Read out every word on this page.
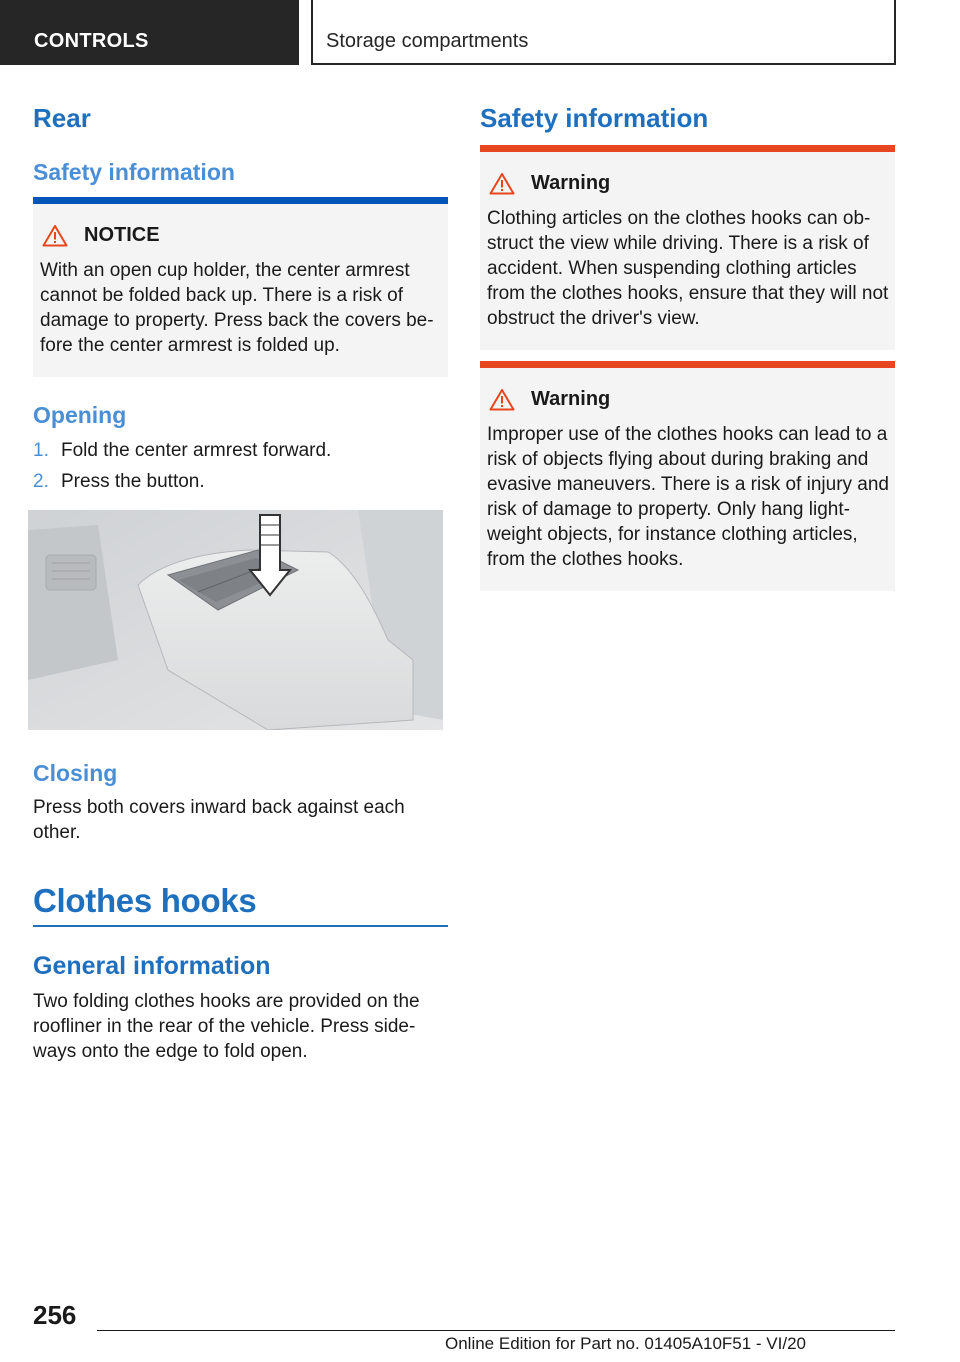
CONTROLS	Storage compartments
Rear
Safety information
NOTICE
With an open cup holder, the center armrest cannot be folded back up. There is a risk of damage to property. Press back the covers be-fore the center armrest is folded up.
Opening
1. Fold the center armrest forward.
2. Press the button.
Closing
Press both covers inward back against each other.
Clothes hooks
General information
Two folding clothes hooks are provided on the roofliner in the rear of the vehicle. Press side-ways onto the edge to fold open.
Safety information
Warning
Clothing articles on the clothes hooks can ob-struct the view while driving. There is a risk of accident. When suspending clothing articles from the clothes hooks, ensure that they will not obstruct the driver's view.
Warning
Improper use of the clothes hooks can lead to a risk of objects flying about during braking and evasive maneuvers. There is a risk of injury and risk of damage to property. Only hang light-weight objects, for instance clothing articles, from the clothes hooks.
256
Online Edition for Part no. 01405A10F51 - VI/20
